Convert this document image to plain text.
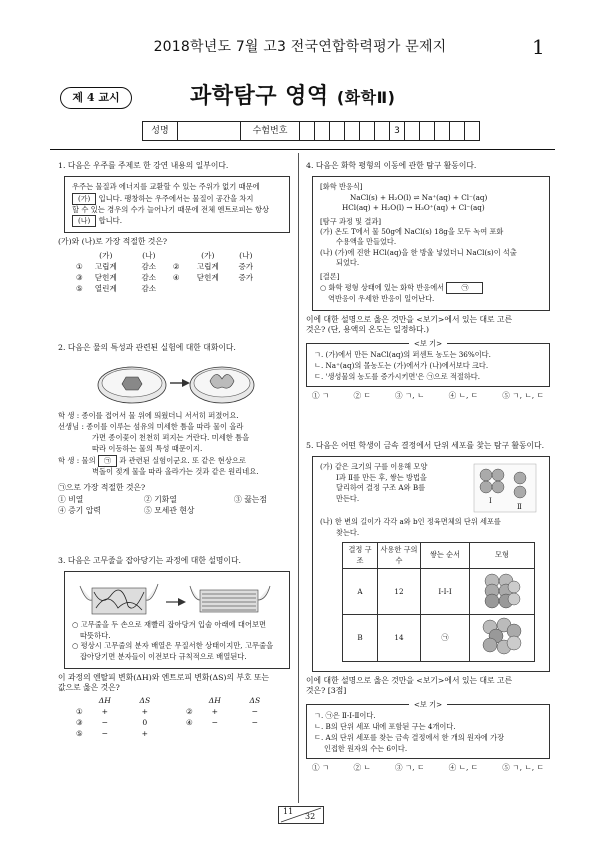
2018학년도 7월 고3 전국연합학력평가 문제지	1
제 4 교시	과학탐구 영역 (화학Ⅱ)
성명	수험번호	3
1. 다음은 우주를 주제로 한 강연 내용의 일부이다.
우주는 물질과 에너지를 교환할 수 있는 주위가 없기 때문에
(가) 입니다. 팽창하는 우주에서는 물질이 공간을 차지
할 수 있는 경우의 수가 늘어나기 때문에 전체 엔트로피는 항상
(나) 합니다.
(가)와 (나)로 가장 적절한 것은?
	(가)	(나)		(가)	(나)
①	고립계	감소	②	고립계	증가
③	닫힌계	감소	④	닫힌계	증가
⑤	열린계	감소			
2. 다음은 물의 특성과 관련된 실험에 대한 대화이다.
학 생 : 종이를 접어서 물 위에 띄웠더니 서서히 퍼졌어요.
선생님 : 종이를 이루는 섬유의 미세한 틈을 따라 물이 올라
가면 종이꽃이 천천히 펴지는 거란다. 미세한 틈을
따라 이동하는 물의 특성 때문이지.
학 생 : 물의 ㉠ 과 관련된 실험이군요. 또 같은 현상으로
벽돌이 젖게 물을 따라 올라가는 것과 같은 원리네요.
㉠으로 가장 적절한 것은?
① 비열	② 기화열	③ 끓는점
④ 증기 압력	⑤ 모세관 현상
3. 다음은 고무줄을 잡아당기는 과정에 대한 설명이다.
○ 고무줄을 두 손으로 재빨리 잡아당겨 입술 아래에 대어보면
따뜻하다.
○ 평상시 고무줄의 분자 배열은 무질서한 상태이지만, 고무줄을
잡아당기면 분자들이 이전보다 규칙적으로 배열된다.
이 과정의 엔탈피 변화(ΔH)와 엔트로피 변화(ΔS)의 부호 또는
값으로 옳은 것은?
	ΔH	ΔS		ΔH	ΔS
①	+	+	②	+	−
③	−	0	④	−	−
⑤	−	+			
4. 다음은 화학 평형의 이동에 관한 탐구 활동이다.
[화학 반응식]
NaCl(s) + H₂O(l) ⇌ Na⁺(aq) + Cl⁻(aq)
HCl(aq) + H₂O(l) → H₃O⁺(aq) + Cl⁻(aq)
[탐구 과정 및 결과]
(가) 온도 T에서 물 50g에 NaCl(s) 18g을 모두 녹여 포화
수용액을 만들었다.
(나) (가)에 진한 HCl(aq)을 한 방울 넣었더니 NaCl(s)이 석출
되었다.
[결론]
○ 화학 평형 상태에 있는 화학 반응에서 ㉠
역반응이 우세한 반응이 일어난다.
이에 대한 설명으로 옳은 것만을 <보기>에서 있는 대로 고른
것은? (단, 용액의 온도는 일정하다.)
<보 기>
ㄱ. (가)에서 만든 NaCl(aq)의 퍼센트 농도는 36%이다.
ㄴ. Na⁺(aq)의 몰농도는 (가)에서가 (나)에서보다 크다.
ㄷ. '생성물의 농도를 증가시키면'은 ㉠으로 적절하다.
① ㄱ	② ㄷ	③ ㄱ, ㄴ	④ ㄴ, ㄷ	⑤ ㄱ, ㄴ, ㄷ
5. 다음은 어떤 학생이 금속 결정에서 단위 세포를 찾는 탐구 활동이다.
(가) 같은 크기의 구를 이용해 모양
Ⅰ과 Ⅱ를 만든 후, 쌓는 방법을
달리하여 결정 구조 A와 B를
만든다.	Ⅰ
Ⅱ
(나) 한 변의 길이가 각각 a와 b인 정육면체의 단위 세포를
찾는다.
결정 구조	사용한 구의 수	쌓는 순서	모형
A	12	Ⅰ-Ⅰ-Ⅰ	
B	14	㉠	
이에 대한 설명으로 옳은 것만을 <보기>에서 있는 대로 고른
것은? [3점]
<보 기>
ㄱ. ㉠은 Ⅱ-Ⅰ-Ⅱ이다.
ㄴ. B의 단위 세포 내에 포함된 구는 4개이다.
ㄷ. A의 단위 세포를 찾는 금속 결정에서 한 개의 원자에 가장
인접한 원자의 수는 6이다.
① ㄱ	② ㄴ	③ ㄱ, ㄷ	④ ㄴ, ㄷ	⑤ ㄱ, ㄴ, ㄷ
11
32
